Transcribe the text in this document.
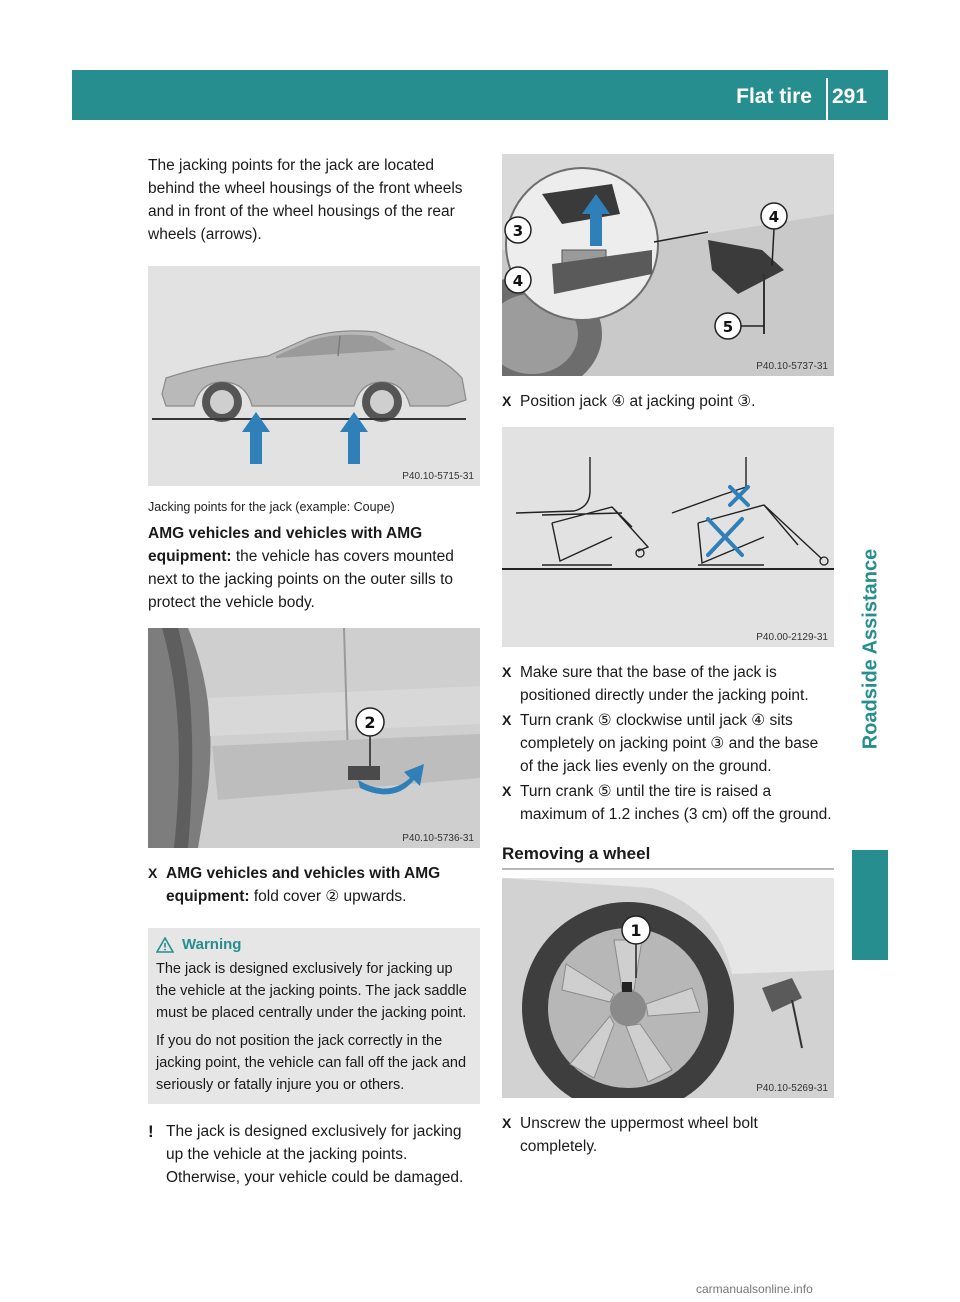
Flat tire 291
Roadside Assistance

The jacking points for the jack are located behind the wheel housings of the front wheels and in front of the wheel housings of the rear wheels (arrows).

P40.10-5715-31

Jacking points for the jack (example: Coupe)

AMG vehicles and vehicles with AMG equipment: the vehicle has covers mounted next to the jacking points on the outer sills to protect the vehicle body.

2
P40.10-5736-31
X AMG vehicles and vehicles with AMG equipment: fold cover ② upwards.
Warning

The jack is designed exclusively for jacking up the vehicle at the jacking points. The jack saddle must be placed centrally under the jacking point.

If you do not position the jack correctly in the jacking point, the vehicle can fall off the jack and seriously or fatally injure you or others.

! The jack is designed exclusively for jacking up the vehicle at the jacking points. Otherwise, your vehicle could be damaged.
3
4
4
5
P40.10-5737-31
X Position jack ④ at jacking point ③.
P40.00-2129-31
X Make sure that the base of the jack is positioned directly under the jacking point.
X Turn crank ⑤ clockwise until jack ④ sits completely on jacking point ③ and the base of the jack lies evenly on the ground.
X Turn crank ⑤ until the tire is raised a maximum of 1.2 inches (3 cm) off the ground.
Removing a wheel
1
P40.10-5269-31
X Unscrew the uppermost wheel bolt completely.
carmanualsonline.info
